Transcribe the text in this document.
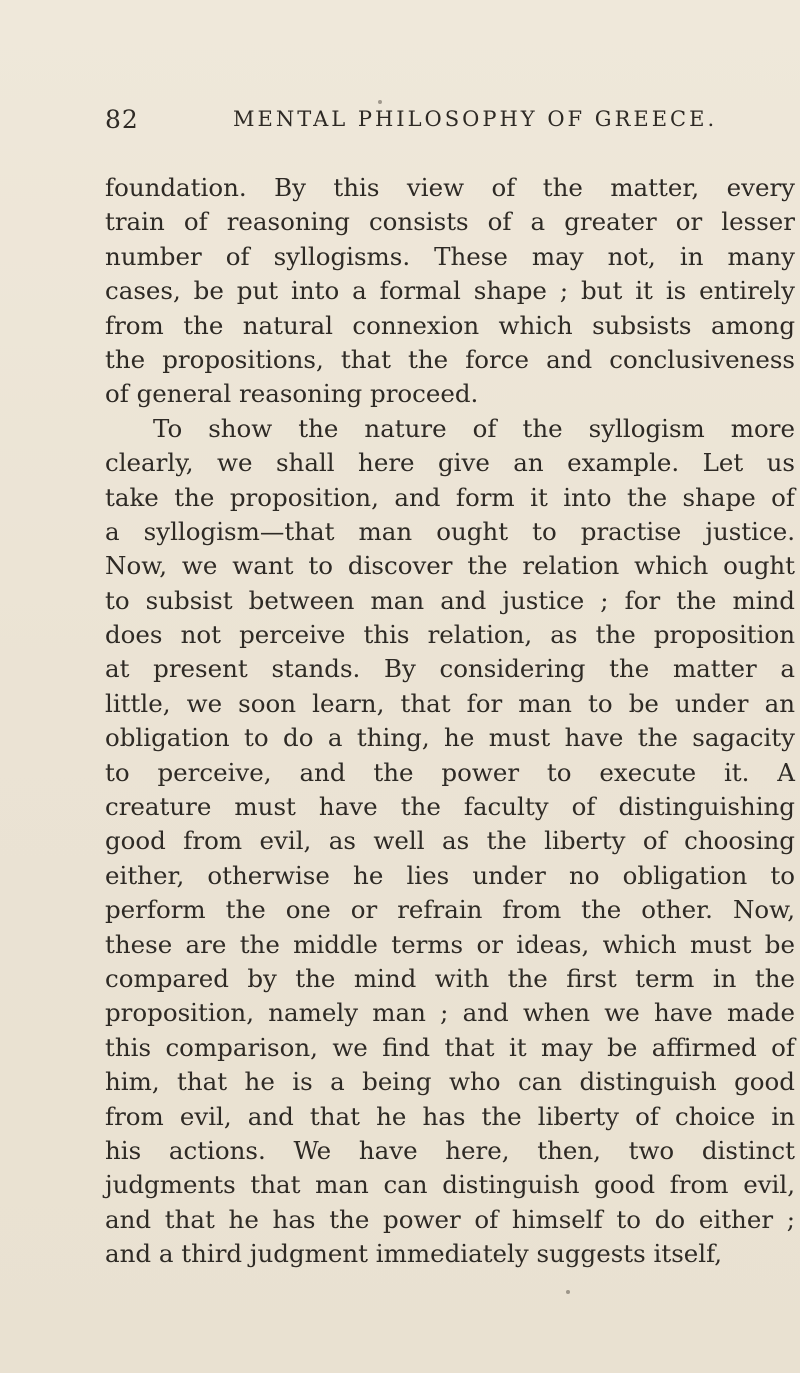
82	MENTAL PHILOSOPHY OF GREECE.
foundation. By this view of the matter, every
train of reasoning consists of a greater or lesser
number of syllogisms. These may not, in many
cases, be put into a formal shape ; but it is entirely
from the natural connexion which subsists among
the propositions, that the force and conclusiveness
of general reasoning proceed.
To show the nature of the syllogism more
clearly, we shall here give an example. Let us
take the proposition, and form it into the shape of
a syllogism—that man ought to practise justice.
Now, we want to discover the relation which ought
to subsist between man and justice ; for the mind
does not perceive this relation, as the proposition
at present stands. By considering the matter a
little, we soon learn, that for man to be under an
obligation to do a thing, he must have the sagacity
to perceive, and the power to execute it. A
creature must have the faculty of distinguishing
good from evil, as well as the liberty of choosing
either, otherwise he lies under no obligation to
perform the one or refrain from the other. Now,
these are the middle terms or ideas, which must be
compared by the mind with the first term in the
proposition, namely man ; and when we have made
this comparison, we find that it may be affirmed of
him, that he is a being who can distinguish good
from evil, and that he has the liberty of choice in
his actions. We have here, then, two distinct
judgments that man can distinguish good from evil,
and that he has the power of himself to do either ;
and a third judgment immediately suggests itself,
